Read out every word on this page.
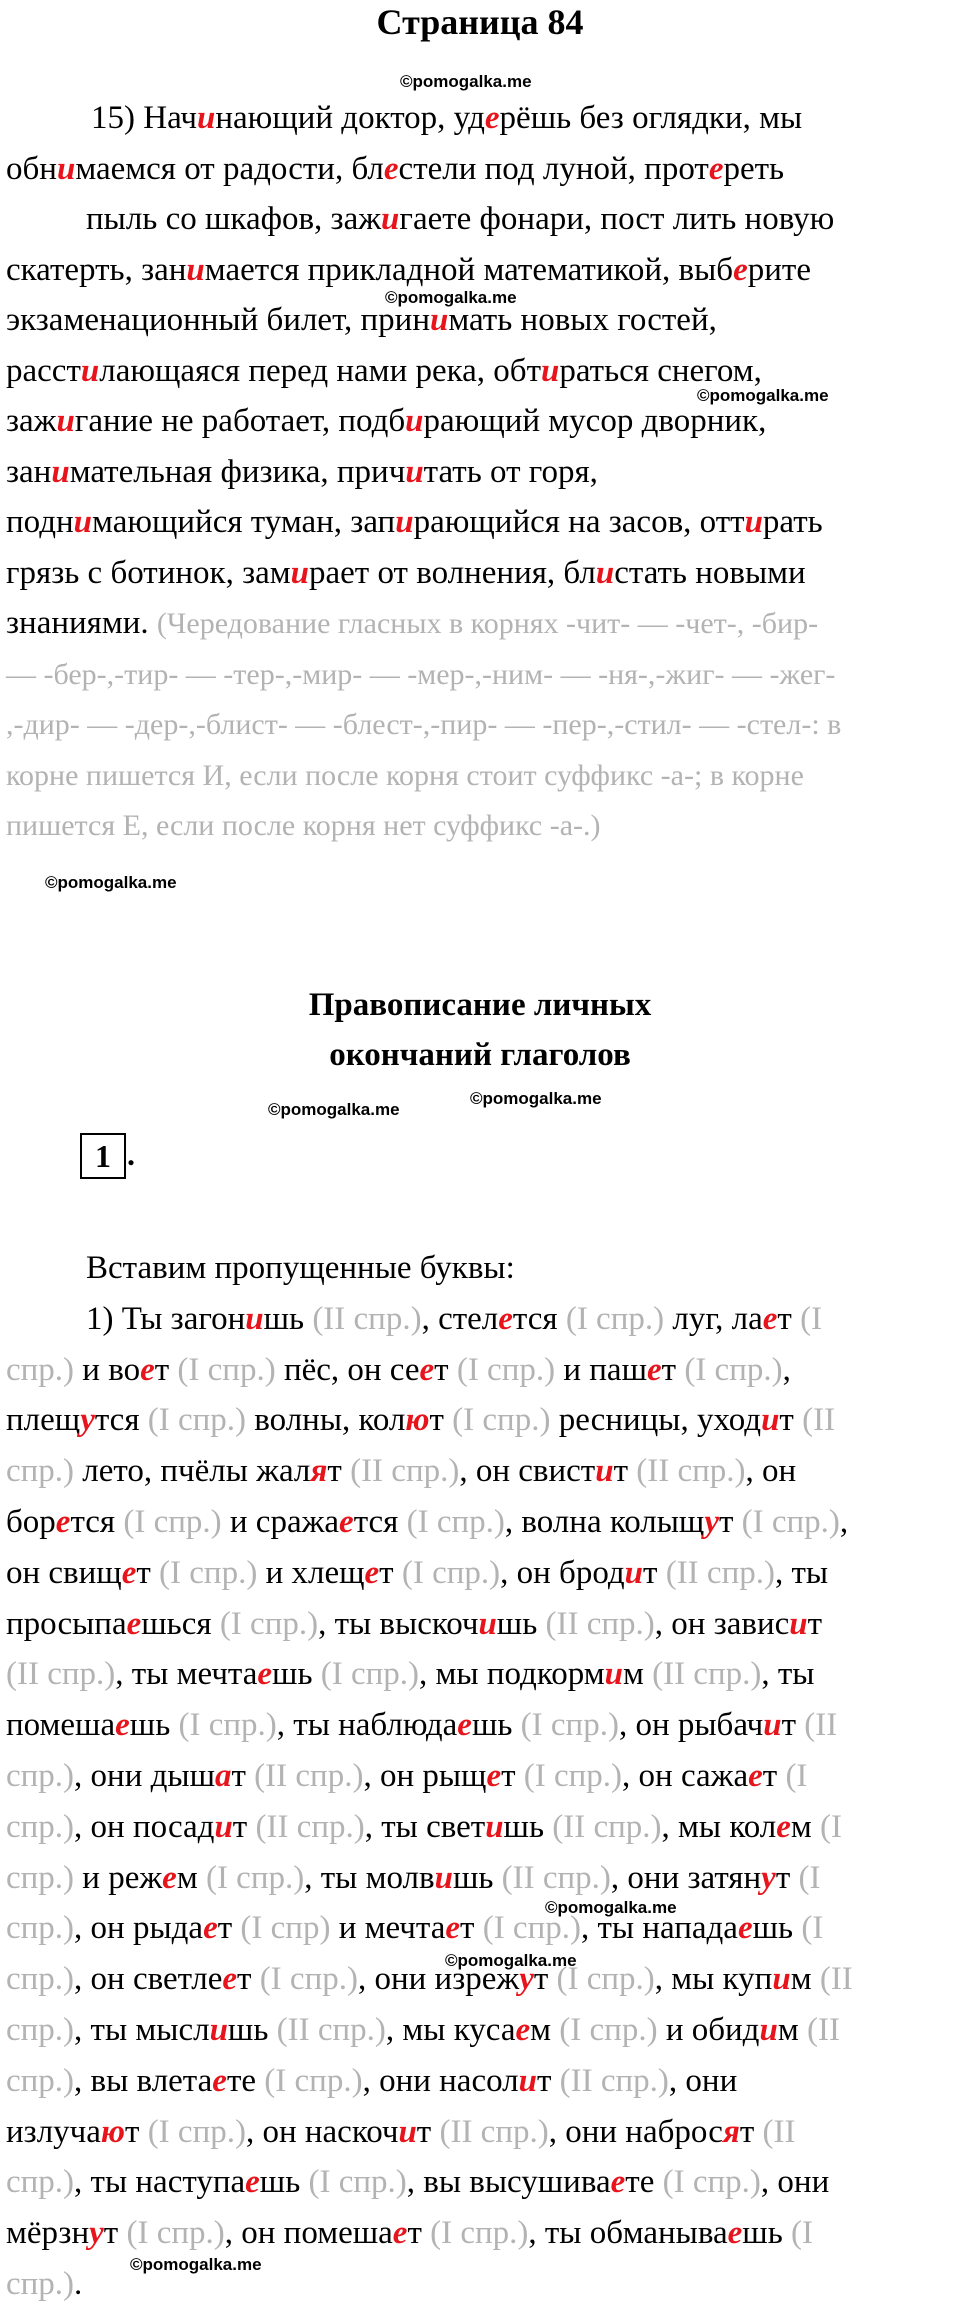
Страница 84
©pomogalka.me
©pomogalka.me
©pomogalka.me
©pomogalka.me
©pomogalka.me
©pomogalka.me
©pomogalka.me
©pomogalka.me
©pomogalka.me
15) Начинающий доктор, удерёшь без оглядки, мы
обнимаемся от радости, блестели под луной, протереть
пыль со шкафов, зажигаете фонари, пост лить новую
скатерть, занимается прикладной математикой, выберите
экзаменационный билет, принимать новых гостей,
расстилающаяся перед нами река, обтираться снегом,
зажигание не работает, подбирающий мусор дворник,
занимательная физика, причитать от горя,
поднимающийся туман, запирающийся на засов, оттирать
грязь с ботинок, замирает от волнения, блистать новыми
знаниями. (Чередование гласных в корнях -чит- — -чет-, -бир-
— -бер-,-тир- — -тер-,-мир- — -мер-,-ним- — -ня-,-жиг- — -жег-
,-дир- — -дер-,-блист- — -блест-,-пир- — -пер-,-стил- — -стел-: в
корне пишется И, если после корня стоит суффикс -а-; в корне
пишется Е, если после корня нет суффикс -а-.)
Правописание личных
окончаний глаголов
1 .
Вставим пропущенные буквы:
1) Ты загонишь (II спр.), стелется (I спр.) луг, лает (I
спр.) и воет (I спр.) пёс, он сеет (I спр.) и пашет (I спр.),
плещутся (I спр.) волны, колют (I спр.) ресницы, уходит (II
спр.) лето, пчёлы жалят (II спр.), он свистит (II спр.), он
борется (I спр.) и сражается (I спр.), волна колыщут (I спр.),
он свищет (I спр.) и хлещет (I спр.), он бродит (II спр.), ты
просыпаешься (I спр.), ты выскочишь (II спр.), он зависит
(II спр.), ты мечтаешь (I спр.), мы подкормим (II спр.), ты
помешаешь (I спр.), ты наблюдаешь (I спр.), он рыбачит (II
спр.), они дышат (II спр.), он рыщет (I спр.), он сажает (I
спр.), он посадит (II спр.), ты светишь (II спр.), мы колем (I
спр.) и режем (I спр.), ты молвишь (II спр.), они затянут (I
спр.), он рыдает (I спр) и мечтает (I спр.), ты нападaешь (I
спр.), он светлеет (I спр.), они изрежут (I спр.), мы купим (II
спр.), ты мыслишь (II спр.), мы кусаем (I спр.) и обидим (II
спр.), вы влетаете (I спр.), они насолит (II спр.), они
излучают (I спр.), он наскочит (II спр.), они набросят (II
спр.), ты наступаешь (I спр.), вы высушиваете (I спр.), они
мёрзнут (I спр.), он помешает (I спр.), ты обманываешь (I
спр.).
